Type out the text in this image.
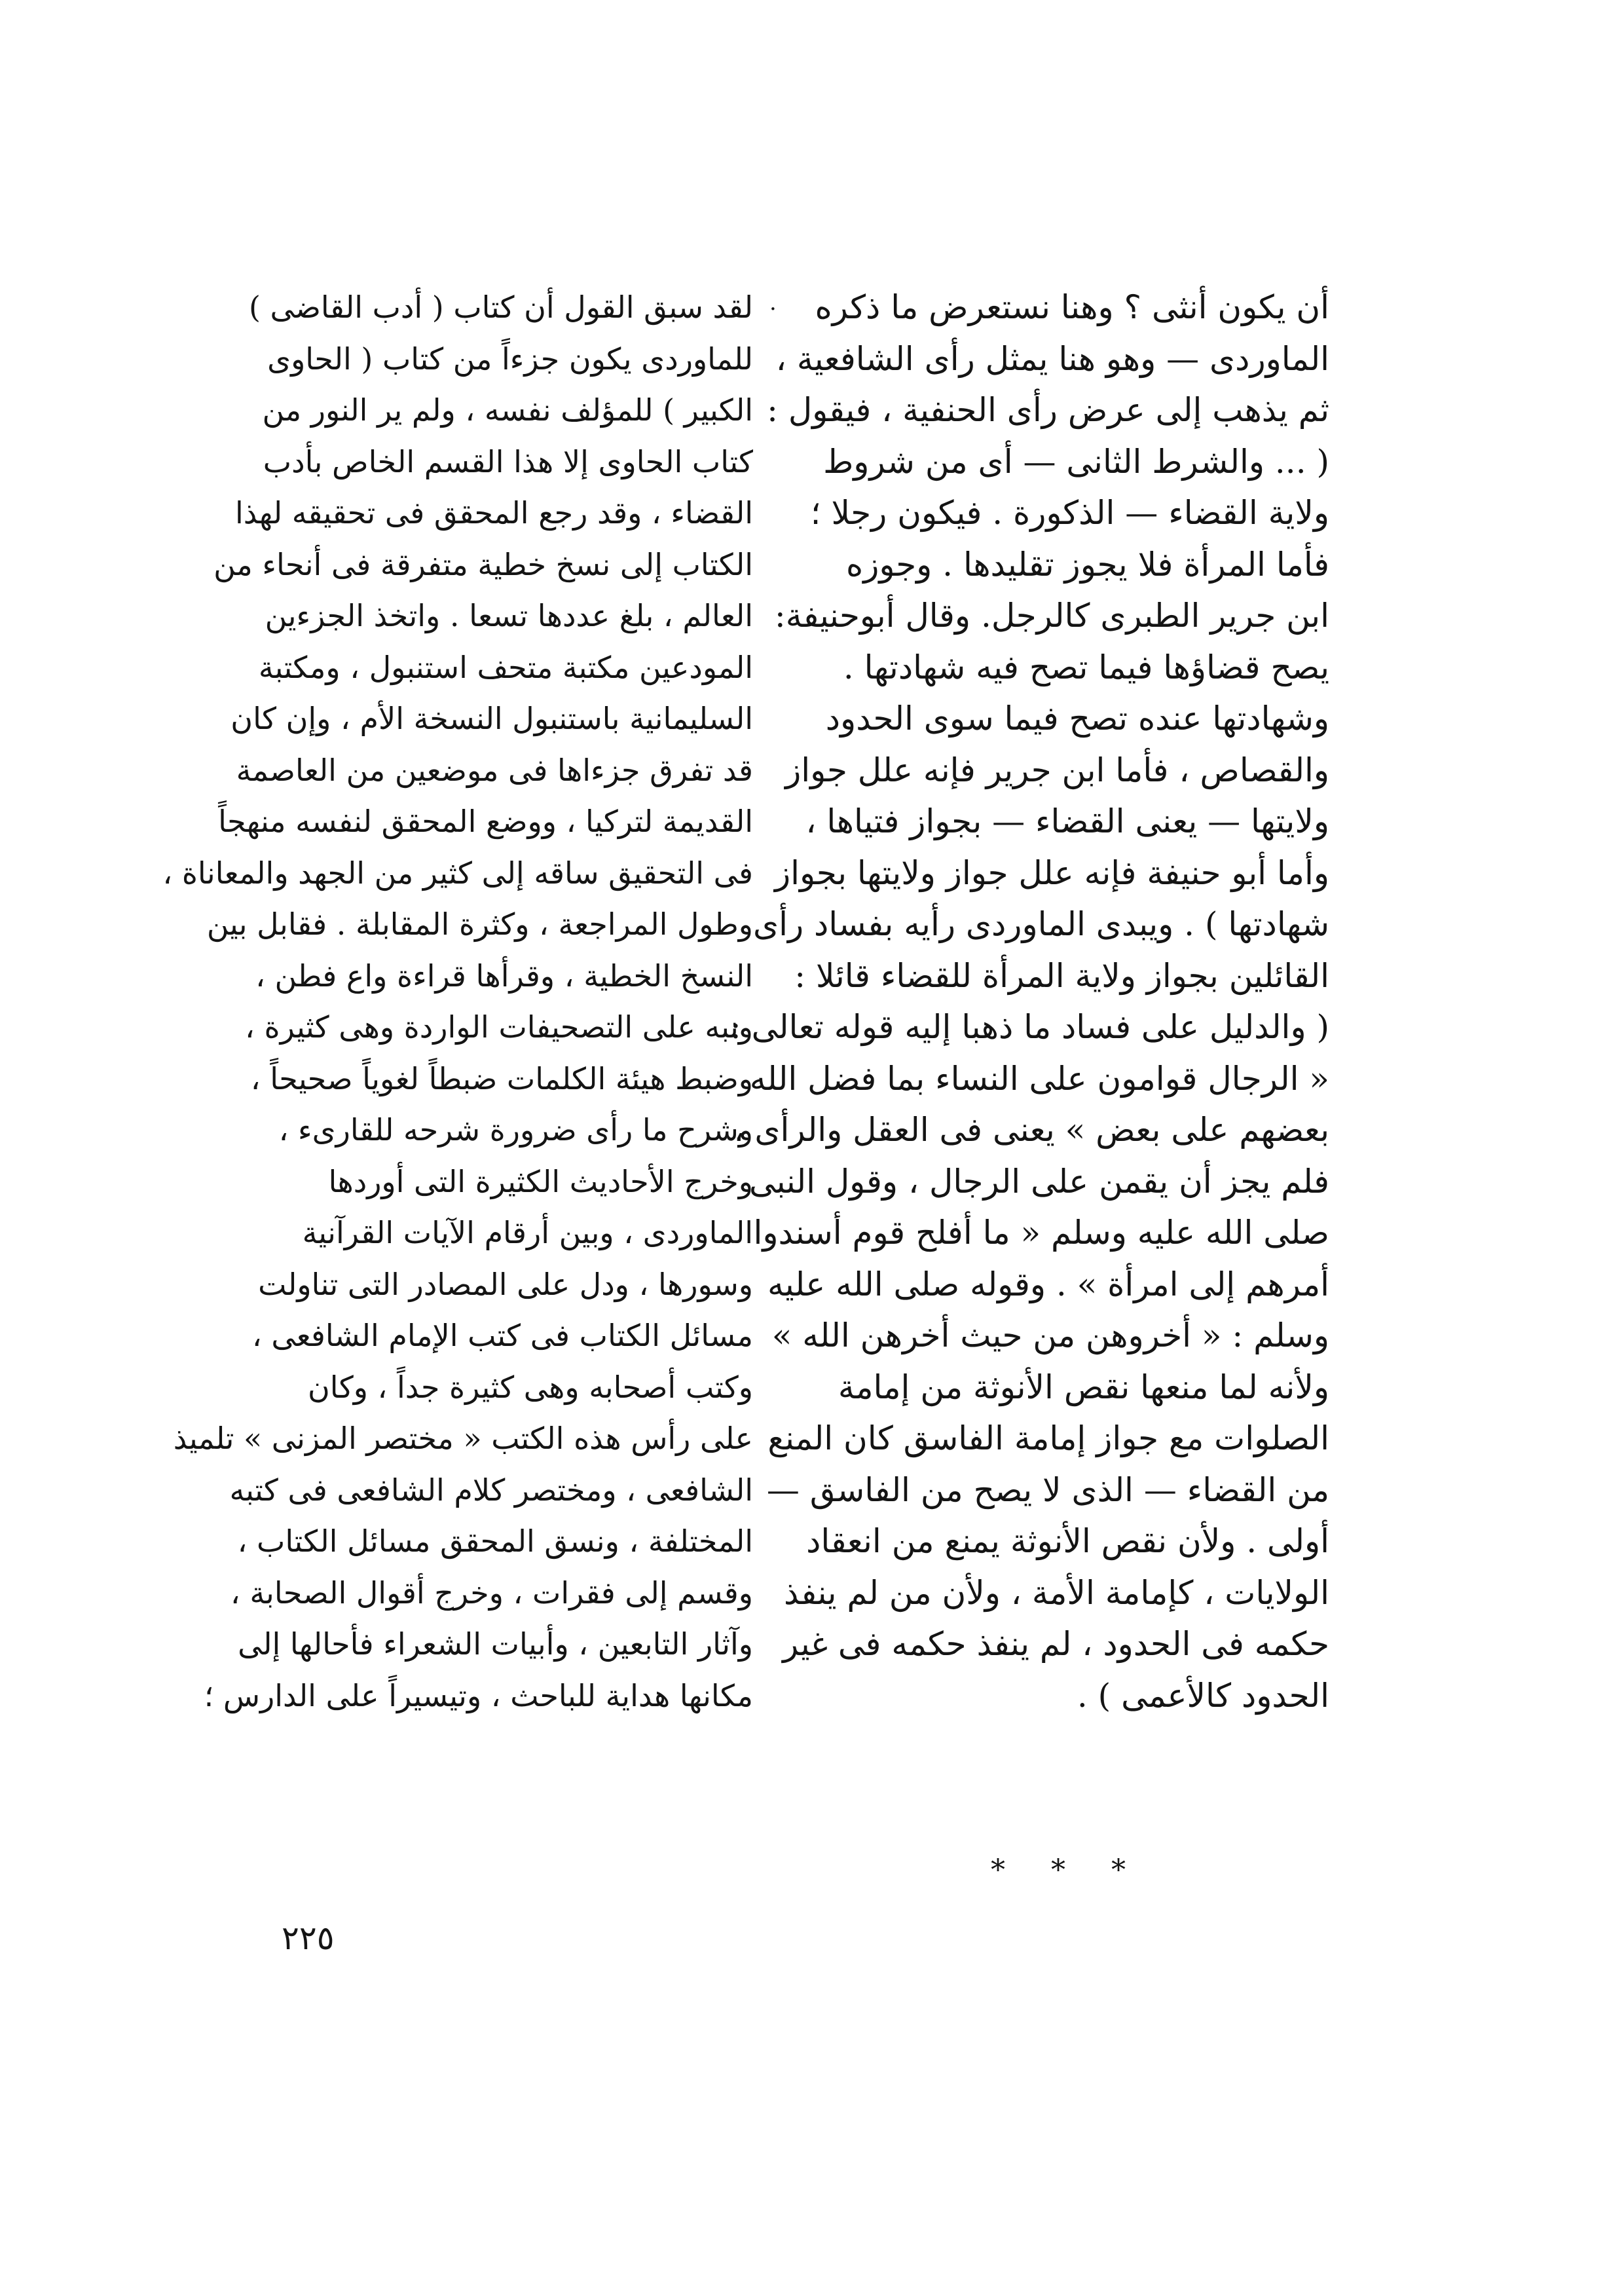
أن يكون أنثى ؟ وهنا نستعرض ما ذكره
الماوردى — وهو هنا يمثل رأى الشافعية ،
ثم يذهب إلى عرض رأى الحنفية ، فيقول :
( ... والشرط الثانى — أى من شروط
ولاية القضاء — الذكورة . فيكون رجلا ؛
فأما المرأة فلا يجوز تقليدها . وجوزه
ابن جرير الطبرى كالرجل. وقال أبوحنيفة:
يصح قضاؤها فيما تصح فيه شهادتها .
وشهادتها عنده تصح فيما سوى الحدود
والقصاص ، فأما ابن جرير فإنه علل جواز
ولايتها — يعنى القضاء — بجواز فتياها ،
وأما أبو حنيفة فإنه علل جواز ولايتها بجواز
شهادتها ) . ويبدى الماوردى رأيه بفساد رأى
القائلين بجواز ولاية المرأة للقضاء قائلا :
( والدليل على فساد ما ذهبا إليه قوله تعالى :
« الرجال قوامون على النساء بما فضل الله
بعضهم على بعض » يعنى فى العقل والرأى ،
فلم يجز أن يقمن على الرجال ، وقول النبى
صلى الله عليه وسلم « ما أفلح قوم أسندوا
أمرهم إلى امرأة » . وقوله صلى الله عليه
وسلم : « أخروهن من حيث أخرهن الله »
ولأنه لما منعها نقص الأنوثة من إمامة
الصلوات مع جواز إمامة الفاسق كان المنع
من القضاء — الذى لا يصح من الفاسق —
أولى . ولأن نقص الأنوثة يمنع من انعقاد
الولايات ، كإمامة الأمة ، ولأن من لم ينفذ
حكمه فى الحدود ، لم ينفذ حكمه فى غير
الحدود كالأعمى ) .
·
لقد سبق القول أن كتاب ( أدب القاضى )
للماوردى يكون جزءاً من كتاب ( الحاوى
الكبير ) للمؤلف نفسه ، ولم ير النور من
كتاب الحاوى إلا هذا القسم الخاص بأدب
القضاء ، وقد رجع المحقق فى تحقيقه لهذا
الكتاب إلى نسخ خطية متفرقة فى أنحاء من
العالم ، بلغ عددها تسعا . واتخذ الجزءين
المودعين مكتبة متحف استنبول ، ومكتبة
السليمانية باستنبول النسخة الأم ، وإن كان
قد تفرق جزءاها فى موضعين من العاصمة
القديمة لتركيا ، ووضع المحقق لنفسه منهجاً
فى التحقيق ساقه إلى كثير من الجهد والمعاناة ،
وطول المراجعة ، وكثرة المقابلة . فقابل بين
النسخ الخطية ، وقرأها قراءة واع فطن ،
ونبه على التصحيفات الواردة وهى كثيرة ،
وضبط هيئة الكلمات ضبطاً لغوياً صحيحاً ،
وشرح ما رأى ضرورة شرحه للقارىء ،
وخرج الأحاديث الكثيرة التى أوردها
الماوردى ، وبين أرقام الآيات القرآنية
وسورها ، ودل على المصادر التى تناولت
مسائل الكتاب فى كتب الإمام الشافعى ،
وكتب أصحابه وهى كثيرة جداً ، وكان
على رأس هذه الكتب « مختصر المزنى » تلميذ
الشافعى ، ومختصر كلام الشافعى فى كتبه
المختلفة ، ونسق المحقق مسائل الكتاب ،
وقسم إلى فقرات ، وخرج أقوال الصحابة ،
وآثار التابعين ، وأبيات الشعراء فأحالها إلى
مكانها هداية للباحث ، وتيسيراً على الدارس ؛
* * *
٢٢٥
